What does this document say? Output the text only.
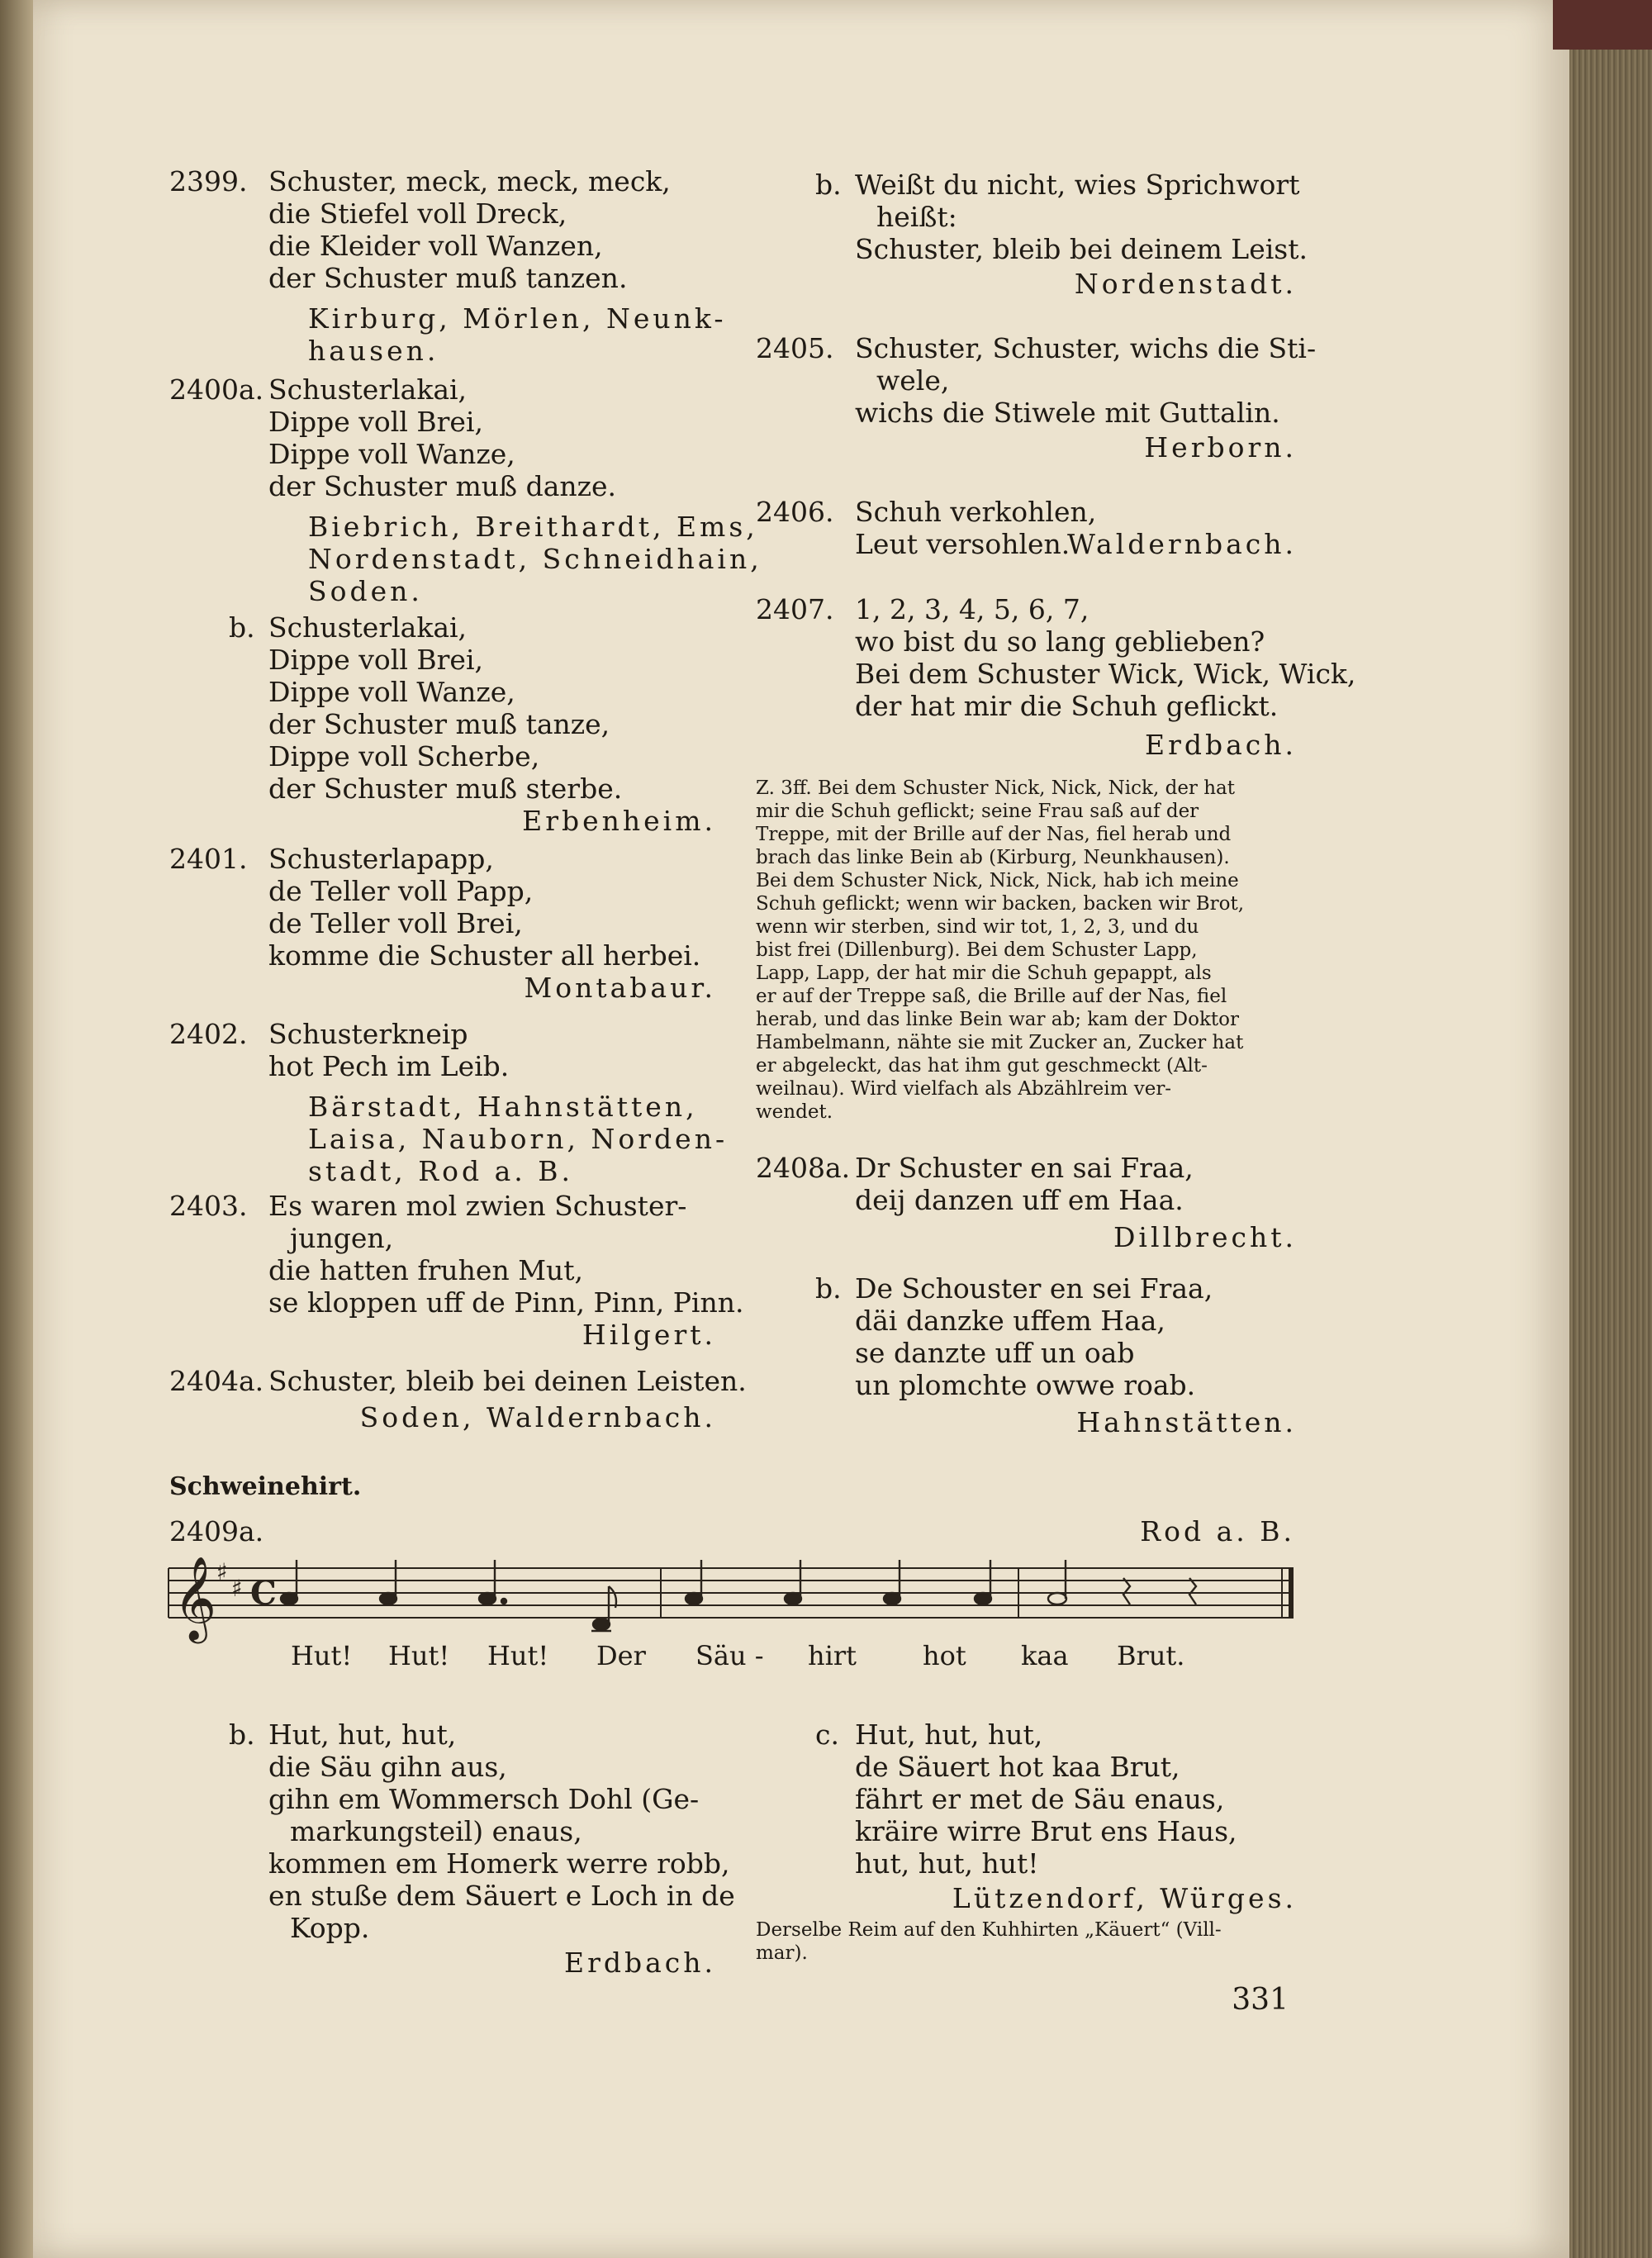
2399. Schuster, meck, meck, meck,
die Stiefel voll Dreck,
die Kleider voll Wanzen,
der Schuster muß tanzen.
Kirburg, Mörlen, Neunk-
hausen.
2400a. Schusterlakai,
Dippe voll Brei,
Dippe voll Wanze,
der Schuster muß danze.
Biebrich, Breithardt, Ems,
Nordenstadt, Schneidhain,
Soden.
b. Schusterlakai,
Dippe voll Brei,
Dippe voll Wanze,
der Schuster muß tanze,
Dippe voll Scherbe,
der Schuster muß sterbe.
Erbenheim.
2401. Schusterlapapp,
de Teller voll Papp,
de Teller voll Brei,
komme die Schuster all herbei.
Montabaur.
2402. Schusterkneip
hot Pech im Leib.
Bärstadt, Hahnstätten,
Laisa, Nauborn, Norden-
stadt, Rod a. B.
2403. Es waren mol zwien Schuster-
jungen,
die hatten fruhen Mut,
se kloppen uff de Pinn, Pinn, Pinn.
Hilgert.
2404a. Schuster, bleib bei deinen Leisten.
Soden, Waldernbach.
b. Weißt du nicht, wies Sprichwort
heißt:
Schuster, bleib bei deinem Leist.
Nordenstadt.
2405. Schuster, Schuster, wichs die Sti-
wele,
wichs die Stiwele mit Guttalin.
Herborn.
2406. Schuh verkohlen,
Leut versohlen.
Waldernbach.
2407. 1, 2, 3, 4, 5, 6, 7,
wo bist du so lang geblieben?
Bei dem Schuster Wick, Wick, Wick,
der hat mir die Schuh geflickt.
Erdbach.
Z. 3ff. Bei dem Schuster Nick, Nick, Nick, der hat
mir die Schuh geflickt; seine Frau saß auf der
Treppe, mit der Brille auf der Nas, fiel herab und
brach das linke Bein ab (Kirburg, Neunkhausen).
Bei dem Schuster Nick, Nick, Nick, hab ich meine
Schuh geflickt; wenn wir backen, backen wir Brot,
wenn wir sterben, sind wir tot, 1, 2, 3, und du
bist frei (Dillenburg). Bei dem Schuster Lapp,
Lapp, Lapp, der hat mir die Schuh gepappt, als
er auf der Treppe saß, die Brille auf der Nas, fiel
herab, und das linke Bein war ab; kam der Doktor
Hambelmann, nähte sie mit Zucker an, Zucker hat
er abgeleckt, das hat ihm gut geschmeckt (Alt-
weilnau). Wird vielfach als Abzählreim ver-
wendet.
2408a. Dr Schuster en sai Fraa,
deij danzen uff em Haa.
Dillbrecht.
b. De Schouster en sei Fraa,
däi danzke uffem Haa,
se danzte uff un oab
un plomchte owwe roab.
Hahnstätten.
Schweinehirt.
2409a.	Rod a. B.
𝄞 ♯
♯ C
Hut! Hut! Hut! Der Säu - hirt	hot kaa Brut.
b. Hut, hut, hut,
die Säu gihn aus,
gihn em Wommersch Dohl (Ge-
markungsteil) enaus,
kommen em Homerk werre robb,
en stuße dem Säuert e Loch in de
Kopp.
Erdbach.
c. Hut, hut, hut,
de Säuert hot kaa Brut,
fährt er met de Säu enaus,
kräire wirre Brut ens Haus,
hut, hut, hut!
Lützendorf, Würges.
Derselbe Reim auf den Kuhhirten „Käuert“ (Vill-
mar).
331
